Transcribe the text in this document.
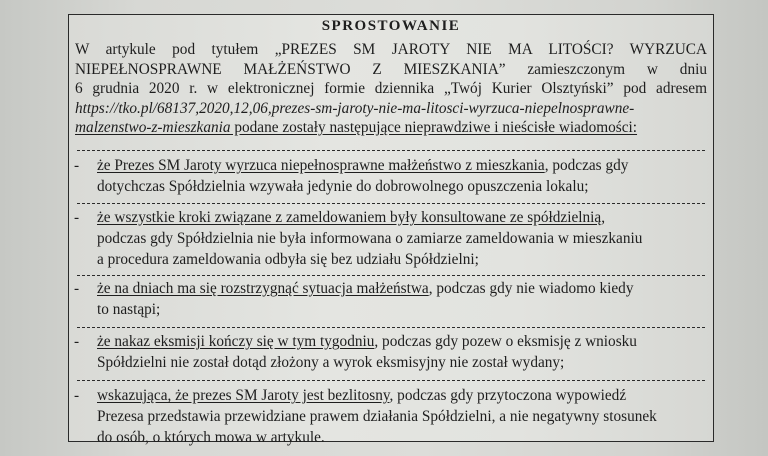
SPROSTOWANIE
W artykule pod tytułem „PREZES SM JAROTY NIE MA LITOŚCI? WYRZUCA
NIEPEŁNOSPRAWNE MAŁŻEŃSTWO Z MIESZKANIA” zamieszczonym w dniu
6 grudnia 2020 r. w elektronicznej formie dziennika „Twój Kurier Olsztyński” pod adresem
https://tko.pl/68137,2020,12,06,prezes-sm-jaroty-nie-ma-litosci-wyrzuca-niepelnosprawne-
malzenstwo-z-mieszkania podane zostały następujące nieprawdziwe i nieścisłe wiadomości:
- że Prezes SM Jaroty wyrzuca niepełnosprawne małżeństwo z mieszkania, podczas gdy
dotychczas Spółdzielnia wzywała jedynie do dobrowolnego opuszczenia lokalu;
- że wszystkie kroki związane z zameldowaniem były konsultowane ze spółdzielnią,
podczas gdy Spółdzielnia nie była informowana o zamiarze zameldowania w mieszkaniu
a procedura zameldowania odbyła się bez udziału Spółdzielni;
- że na dniach ma się rozstrzygnąć sytuacja małżeństwa, podczas gdy nie wiadomo kiedy
to nastąpi;
- że nakaz eksmisji kończy się w tym tygodniu, podczas gdy pozew o eksmisję z wniosku
Spółdzielni nie został dotąd złożony a wyrok eksmisyjny nie został wydany;
- wskazująca, że prezes SM Jaroty jest bezlitosny, podczas gdy przytoczona wypowiedź
Prezesa przedstawia przewidziane prawem działania Spółdzielni, a nie negatywny stosunek
do osób, o których mowa w artykule.
